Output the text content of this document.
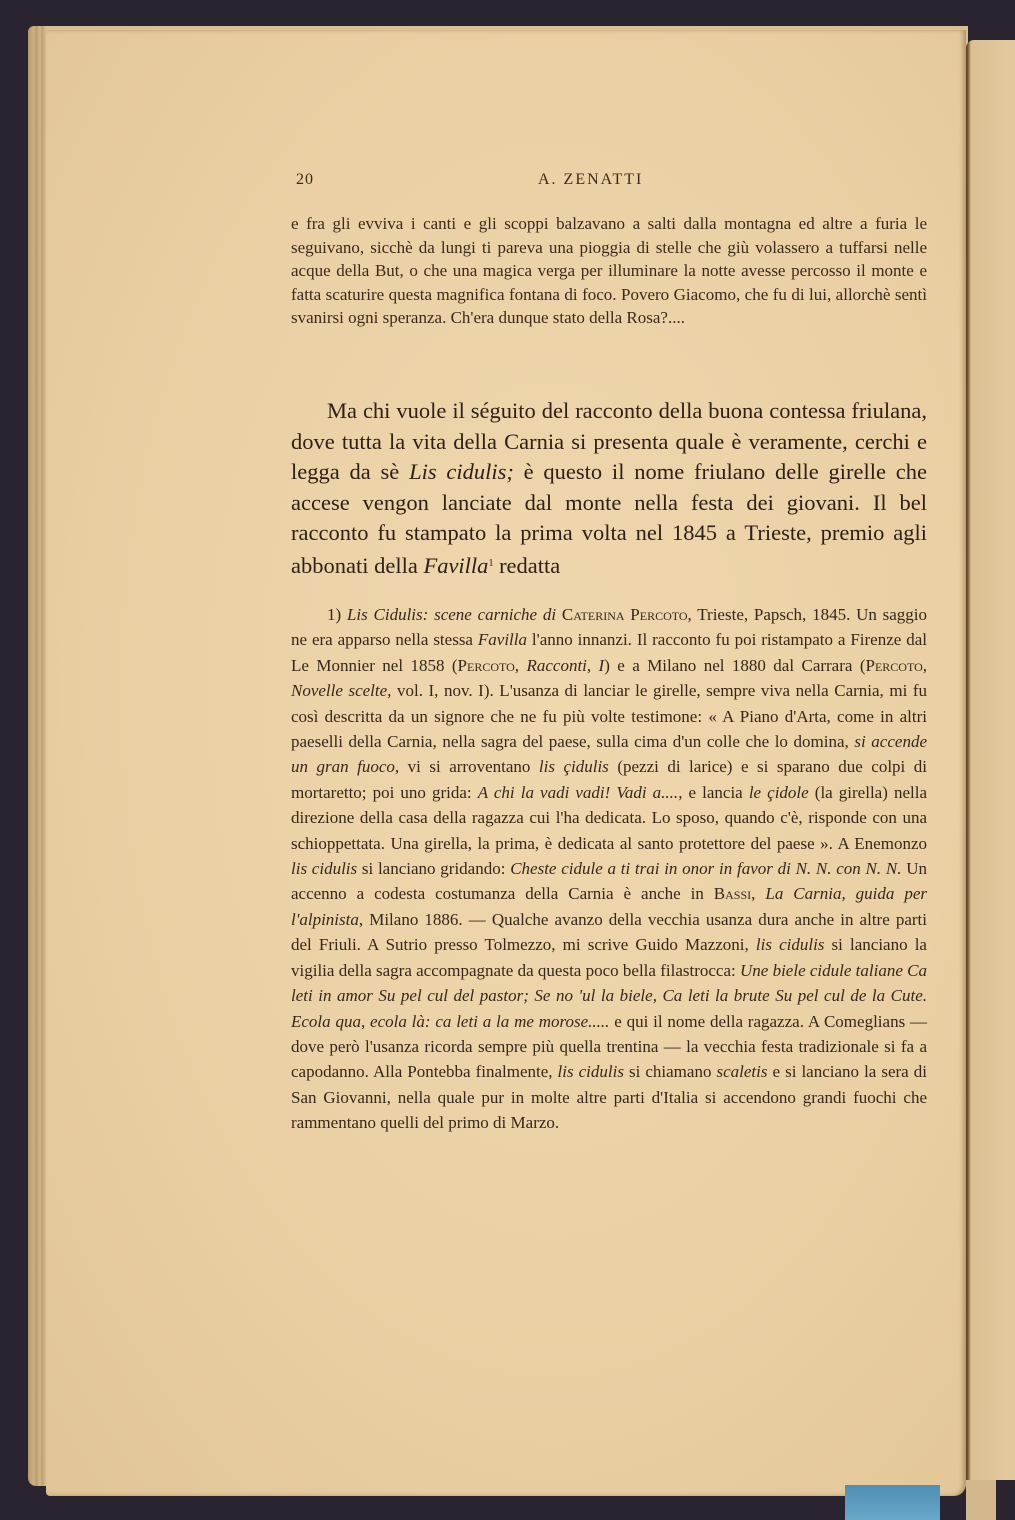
20	A. ZENATTI

e fra gli evviva i canti e gli scoppi balzavano a salti dalla montagna ed altre a furia le seguivano, sicchè da lungi ti pareva una pioggia di stelle che giù volassero a tuffarsi nelle acque della But, o che una magica verga per illuminare la notte avesse percosso il monte e fatta scaturire questa magnifica fontana di foco. Povero Giacomo, che fu di lui, allorchè sentì svanirsi ogni speranza. Ch'era dunque stato della Rosa?....

Ma chi vuole il séguito del racconto della buona contessa friulana, dove tutta la vita della Carnia si presenta quale è veramente, cerchi e legga da sè Lis cidulis; è questo il nome friulano delle girelle che accese vengon lanciate dal monte nella festa dei giovani. Il bel racconto fu stampato la prima volta nel 1845 a Trieste, premio agli abbonati della Favilla$^1$ redatta

1) Lis Cidulis: scene carniche di Caterina Percoto, Trieste, Papsch, 1845. Un saggio ne era apparso nella stessa Favilla l'anno innanzi. Il racconto fu poi ristampato a Firenze dal Le Monnier nel 1858 (Percoto, Racconti, I) e a Milano nel 1880 dal Carrara (Percoto, Novelle scelte, vol. I, nov. I). L'usanza di lanciar le girelle, sempre viva nella Carnia, mi fu così descritta da un signore che ne fu più volte testimone: « A Piano d'Arta, come in altri paeselli della Carnia, nella sagra del paese, sulla cima d'un colle che lo domina, si accende un gran fuoco, vi si arroventano lis çidulis (pezzi di larice) e si sparano due colpi di mortaretto; poi uno grida: A chi la vadi vadi! Vadi a...., e lancia le çidole (la girella) nella direzione della casa della ragazza cui l'ha dedicata. Lo sposo, quando c'è, risponde con una schioppettata. Una girella, la prima, è dedicata al santo protettore del paese ». A Enemonzo lis cidulis si lanciano gridando: Cheste cidule a ti trai in onor in favor di N. N. con N. N. Un accenno a codesta costumanza della Carnia è anche in Bassi, La Carnia, guida per l'alpinista, Milano 1886. — Qualche avanzo della vecchia usanza dura anche in altre parti del Friuli. A Sutrio presso Tolmezzo, mi scrive Guido Mazzoni, lis cidulis si lanciano la vigilia della sagra accompagnate da questa poco bella filastrocca: Une biele cidule taliane Ca leti in amor Su pel cul del pastor; Se no 'ul la biele, Ca leti la brute Su pel cul de la Cute. Ecola qua, ecola là: ca leti a la me morose..... e qui il nome della ragazza. A Comeglians — dove però l'usanza ricorda sempre più quella trentina — la vecchia festa tradizionale si fa a capodanno. Alla Pontebba finalmente, lis cidulis si chiamano scaletis e si lanciano la sera di San Giovanni, nella quale pur in molte altre parti d'Italia si accendono grandi fuochi che rammentano quelli del primo di Marzo.
